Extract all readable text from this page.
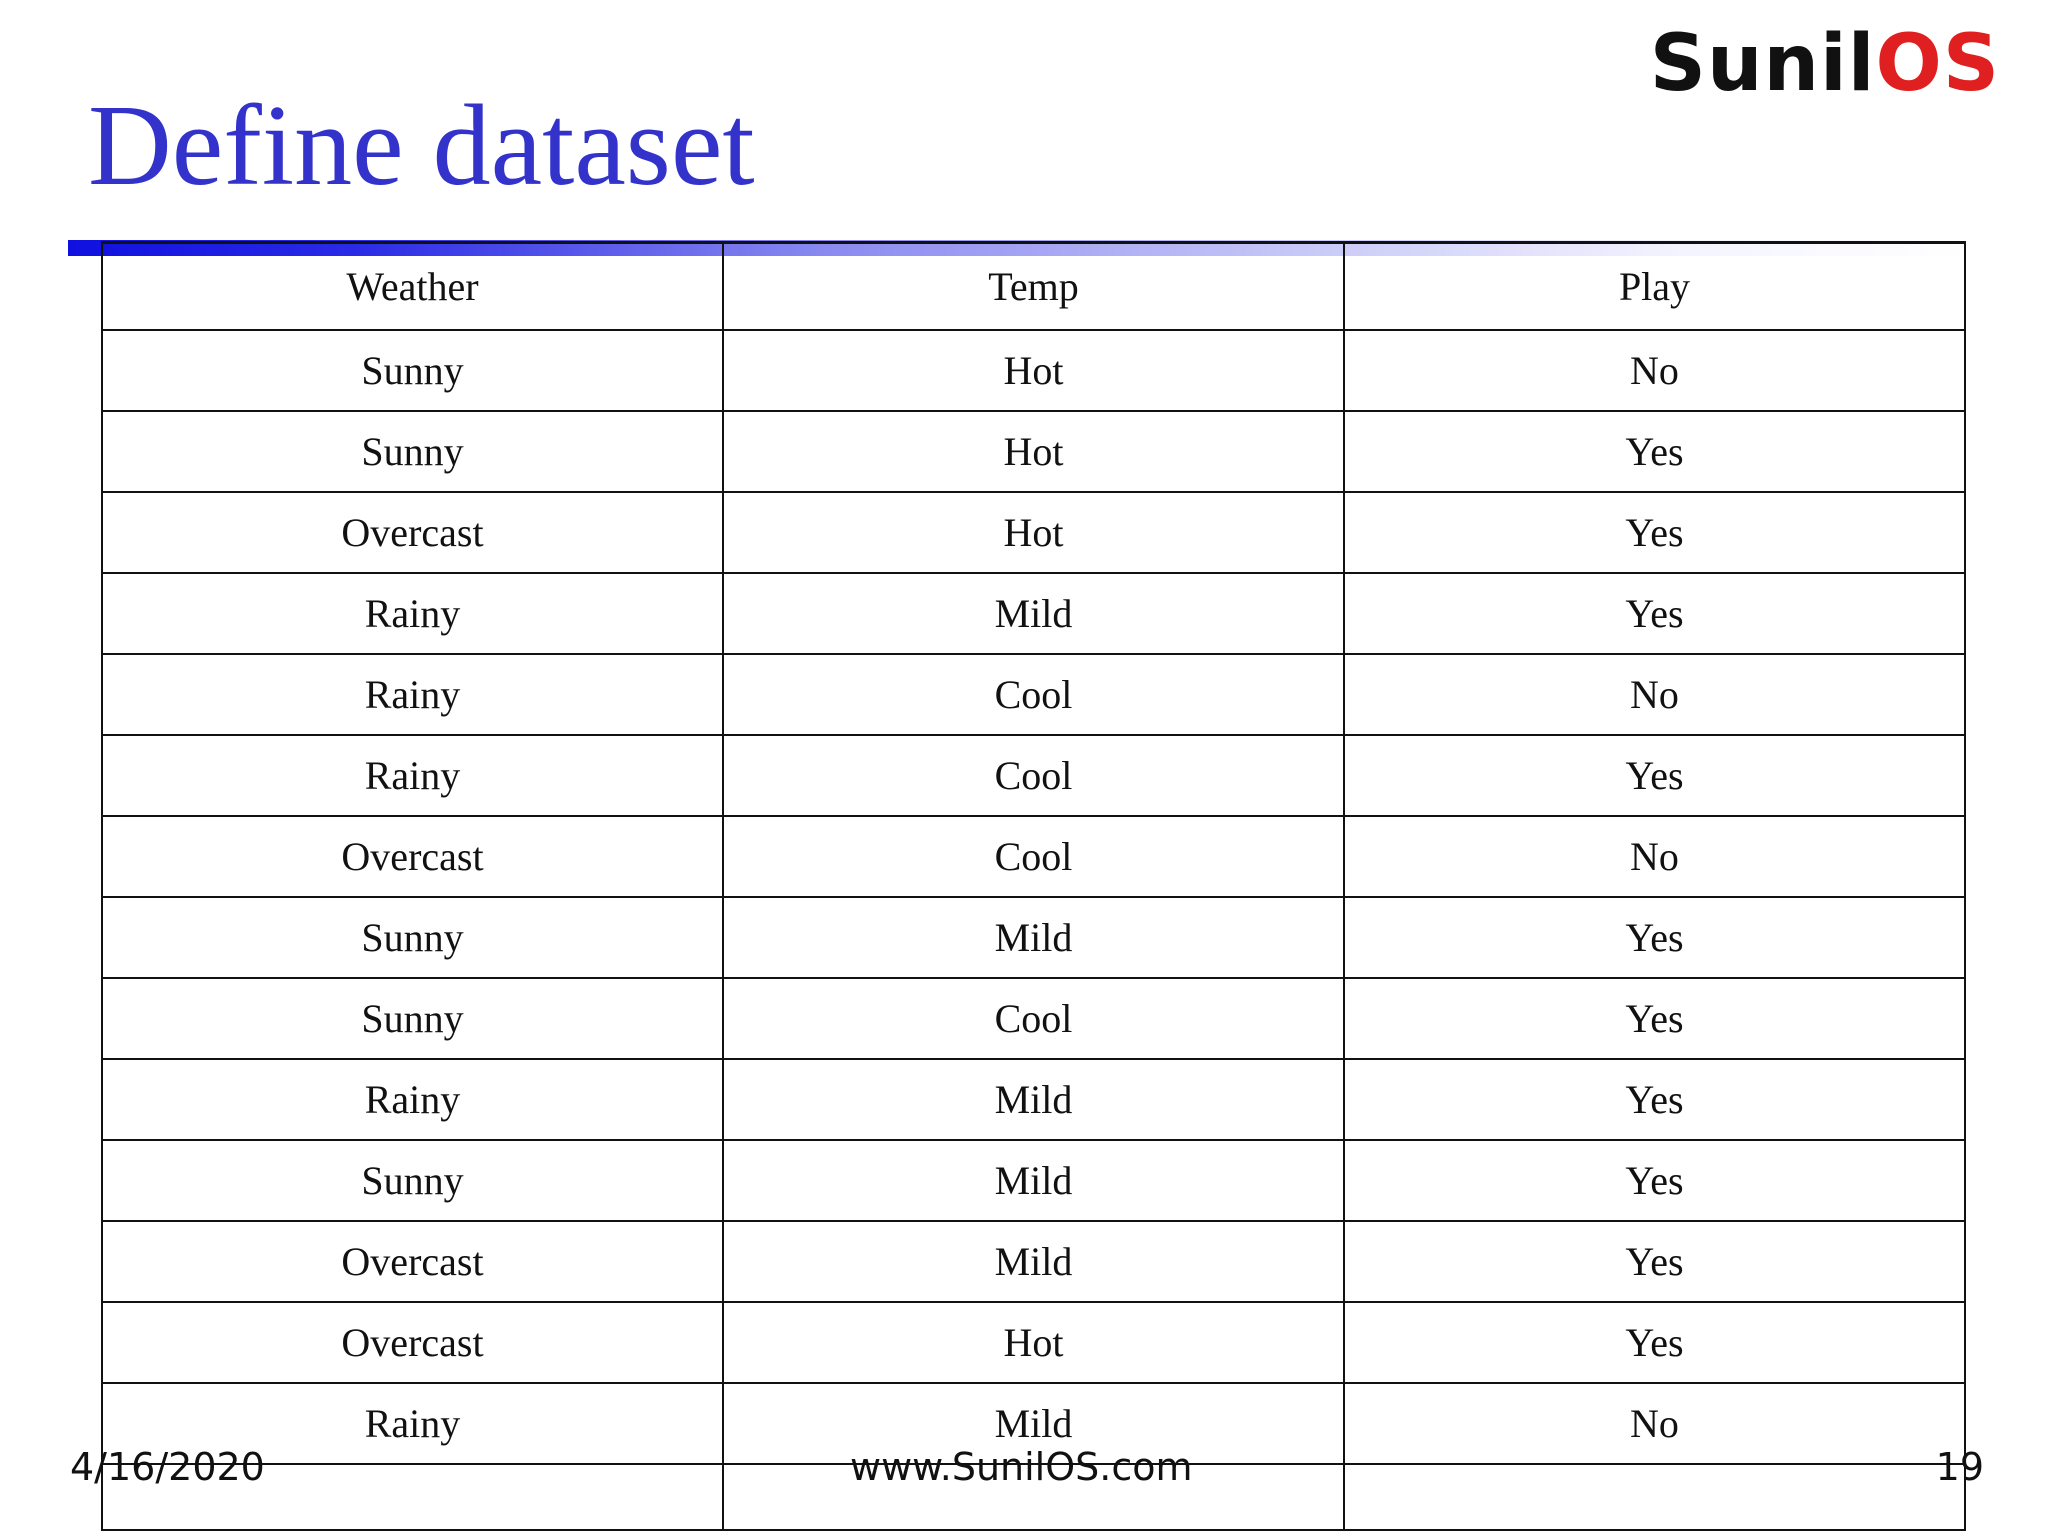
Define dataset
SunilOS
Weather	Temp	Play
Sunny	Hot	No
Sunny	Hot	Yes
Overcast	Hot	Yes
Rainy	Mild	Yes
Rainy	Cool	No
Rainy	Cool	Yes
Overcast	Cool	No
Sunny	Mild	Yes
Sunny	Cool	Yes
Rainy	Mild	Yes
Sunny	Mild	Yes
Overcast	Mild	Yes
Overcast	Hot	Yes
Rainy	Mild	No

4/16/2020	www.SunilOS.com	19
